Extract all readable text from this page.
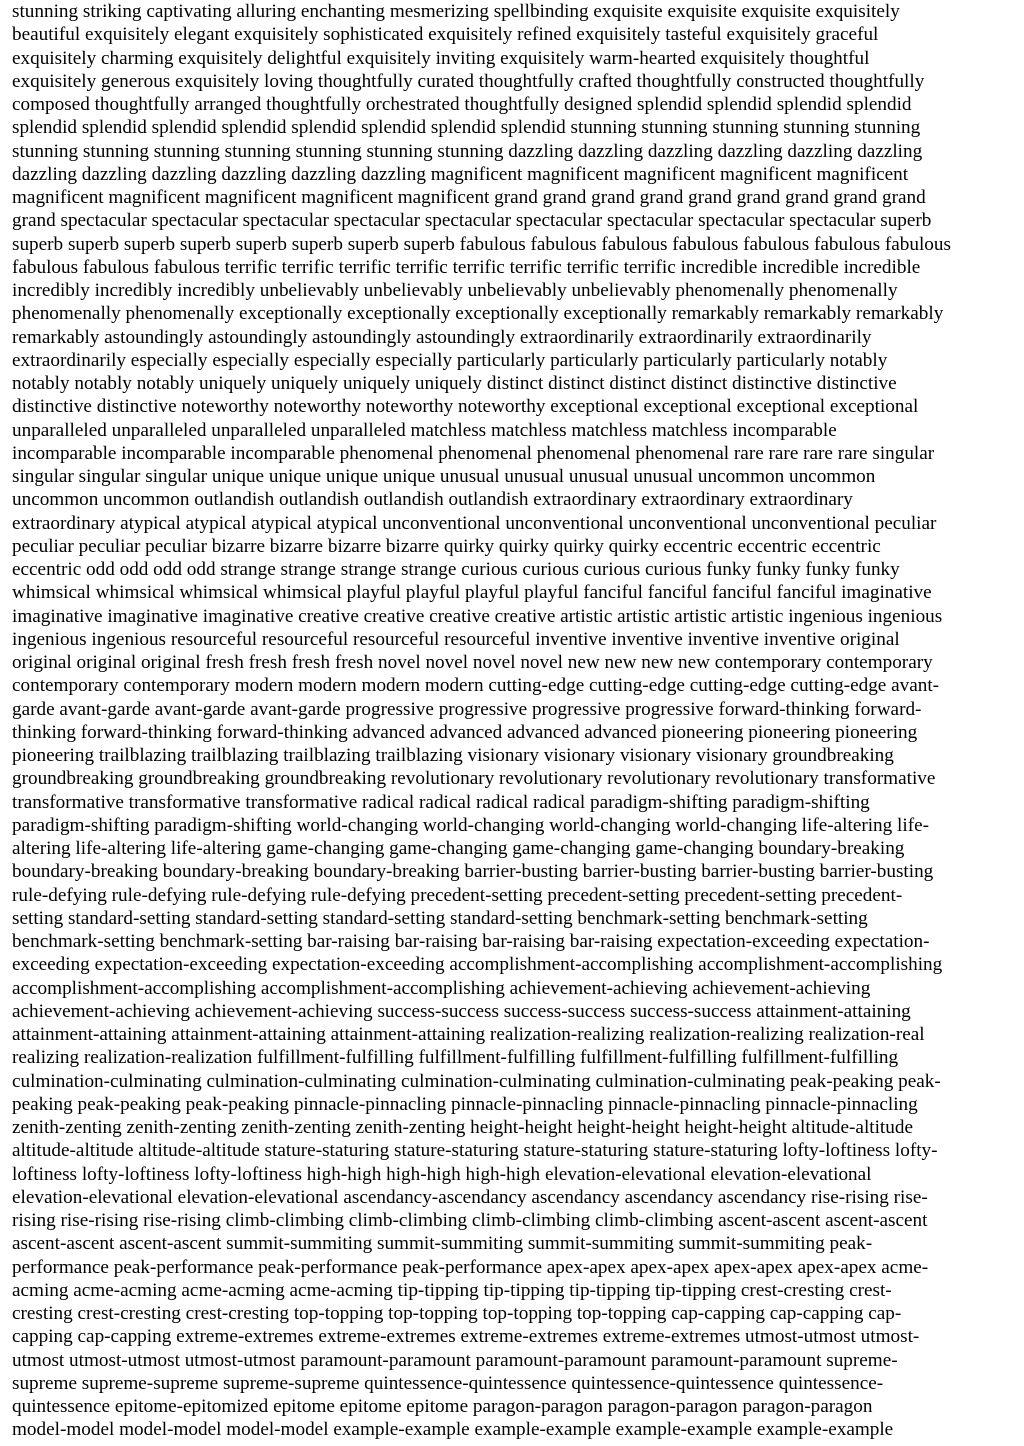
stunning striking captivating alluring enchanting mesmerizing spellbinding exquisite exquisite exquisite exquisitely
beautiful exquisitely elegant exquisitely sophisticated exquisitely refined exquisitely tasteful exquisitely graceful
exquisitely charming exquisitely delightful exquisitely inviting exquisitely warm-hearted exquisitely thoughtful
exquisitely generous exquisitely loving thoughtfully curated thoughtfully crafted thoughtfully constructed thoughtfully
composed thoughtfully arranged thoughtfully orchestrated thoughtfully designed splendid splendid splendid splendid
splendid splendid splendid splendid splendid splendid splendid splendid stunning stunning stunning stunning stunning
stunning stunning stunning stunning stunning stunning stunning dazzling dazzling dazzling dazzling dazzling dazzling
dazzling dazzling dazzling dazzling dazzling dazzling magnificent magnificent magnificent magnificent magnificent
magnificent magnificent magnificent magnificent magnificent grand grand grand grand grand grand grand grand grand
grand spectacular spectacular spectacular spectacular spectacular spectacular spectacular spectacular spectacular superb
superb superb superb superb superb superb superb superb fabulous fabulous fabulous fabulous fabulous fabulous fabulous
fabulous fabulous fabulous terrific terrific terrific terrific terrific terrific terrific terrific incredible incredible incredible
incredibly incredibly incredibly unbelievably unbelievably unbelievably unbelievably phenomenally phenomenally
phenomenally phenomenally exceptionally exceptionally exceptionally exceptionally remarkably remarkably remarkably
remarkably astoundingly astoundingly astoundingly astoundingly extraordinarily extraordinarily extraordinarily
extraordinarily especially especially especially especially particularly particularly particularly particularly notably
notably notably notably uniquely uniquely uniquely uniquely distinct distinct distinct distinct distinctive distinctive
distinctive distinctive noteworthy noteworthy noteworthy noteworthy exceptional exceptional exceptional exceptional
unparalleled unparalleled unparalleled unparalleled matchless matchless matchless matchless incomparable
incomparable incomparable incomparable phenomenal phenomenal phenomenal phenomenal rare rare rare rare singular
singular singular singular unique unique unique unique unusual unusual unusual unusual uncommon uncommon
uncommon uncommon outlandish outlandish outlandish outlandish extraordinary extraordinary extraordinary
extraordinary atypical atypical atypical atypical unconventional unconventional unconventional unconventional peculiar
peculiar peculiar peculiar bizarre bizarre bizarre bizarre quirky quirky quirky quirky eccentric eccentric eccentric
eccentric odd odd odd odd strange strange strange strange curious curious curious curious funky funky funky funky
whimsical whimsical whimsical whimsical playful playful playful playful fanciful fanciful fanciful fanciful imaginative
imaginative imaginative imaginative creative creative creative creative artistic artistic artistic artistic ingenious ingenious
ingenious ingenious resourceful resourceful resourceful resourceful inventive inventive inventive inventive original
original original original fresh fresh fresh fresh novel novel novel novel new new new new contemporary contemporary
contemporary contemporary modern modern modern modern cutting-edge cutting-edge cutting-edge cutting-edge avant-
garde avant-garde avant-garde avant-garde progressive progressive progressive progressive forward-thinking forward-
thinking forward-thinking forward-thinking advanced advanced advanced advanced pioneering pioneering pioneering
pioneering trailblazing trailblazing trailblazing trailblazing visionary visionary visionary visionary groundbreaking
groundbreaking groundbreaking groundbreaking revolutionary revolutionary revolutionary revolutionary transformative
transformative transformative transformative radical radical radical radical paradigm-shifting paradigm-shifting
paradigm-shifting paradigm-shifting world-changing world-changing world-changing world-changing life-altering life-
altering life-altering life-altering game-changing game-changing game-changing game-changing boundary-breaking
boundary-breaking boundary-breaking boundary-breaking barrier-busting barrier-busting barrier-busting barrier-busting
rule-defying rule-defying rule-defying rule-defying precedent-setting precedent-setting precedent-setting precedent-
setting standard-setting standard-setting standard-setting standard-setting benchmark-setting benchmark-setting
benchmark-setting benchmark-setting bar-raising bar-raising bar-raising bar-raising expectation-exceeding expectation-
exceeding expectation-exceeding expectation-exceeding accomplishment-accomplishing accomplishment-accomplishing
accomplishment-accomplishing accomplishment-accomplishing achievement-achieving achievement-achieving
achievement-achieving achievement-achieving success-success success-success success-success attainment-attaining
attainment-attaining attainment-attaining attainment-attaining realization-realizing realization-realizing realization-real
realizing realization-realization fulfillment-fulfilling fulfillment-fulfilling fulfillment-fulfilling fulfillment-fulfilling
culmination-culminating culmination-culminating culmination-culminating culmination-culminating peak-peaking peak-
peaking peak-peaking peak-peaking pinnacle-pinnacling pinnacle-pinnacling pinnacle-pinnacling pinnacle-pinnacling
zenith-zenting zenith-zenting zenith-zenting zenith-zenting height-height height-height height-height altitude-altitude
altitude-altitude altitude-altitude stature-staturing stature-staturing stature-staturing stature-staturing lofty-loftiness lofty-
loftiness lofty-loftiness lofty-loftiness high-high high-high high-high elevation-elevational elevation-elevational
elevation-elevational elevation-elevational ascendancy-ascendancy ascendancy ascendancy ascendancy rise-rising rise-
rising rise-rising rise-rising climb-climbing climb-climbing climb-climbing climb-climbing ascent-ascent ascent-ascent
ascent-ascent ascent-ascent summit-summiting summit-summiting summit-summiting summit-summiting peak-
performance peak-performance peak-performance peak-performance apex-apex apex-apex apex-apex apex-apex acme-
acming acme-acming acme-acming acme-acming tip-tipping tip-tipping tip-tipping tip-tipping crest-cresting crest-
cresting crest-cresting crest-cresting top-topping top-topping top-topping top-topping cap-capping cap-capping cap-
capping cap-capping extreme-extremes extreme-extremes extreme-extremes extreme-extremes utmost-utmost utmost-
utmost utmost-utmost utmost-utmost paramount-paramount paramount-paramount paramount-paramount supreme-
supreme supreme-supreme supreme-supreme quintessence-quintessence quintessence-quintessence quintessence-
quintessence epitome-epitomized epitome epitome epitome paragon-paragon paragon-paragon paragon-paragon
model-model model-model model-model example-example example-example example-example example-example
